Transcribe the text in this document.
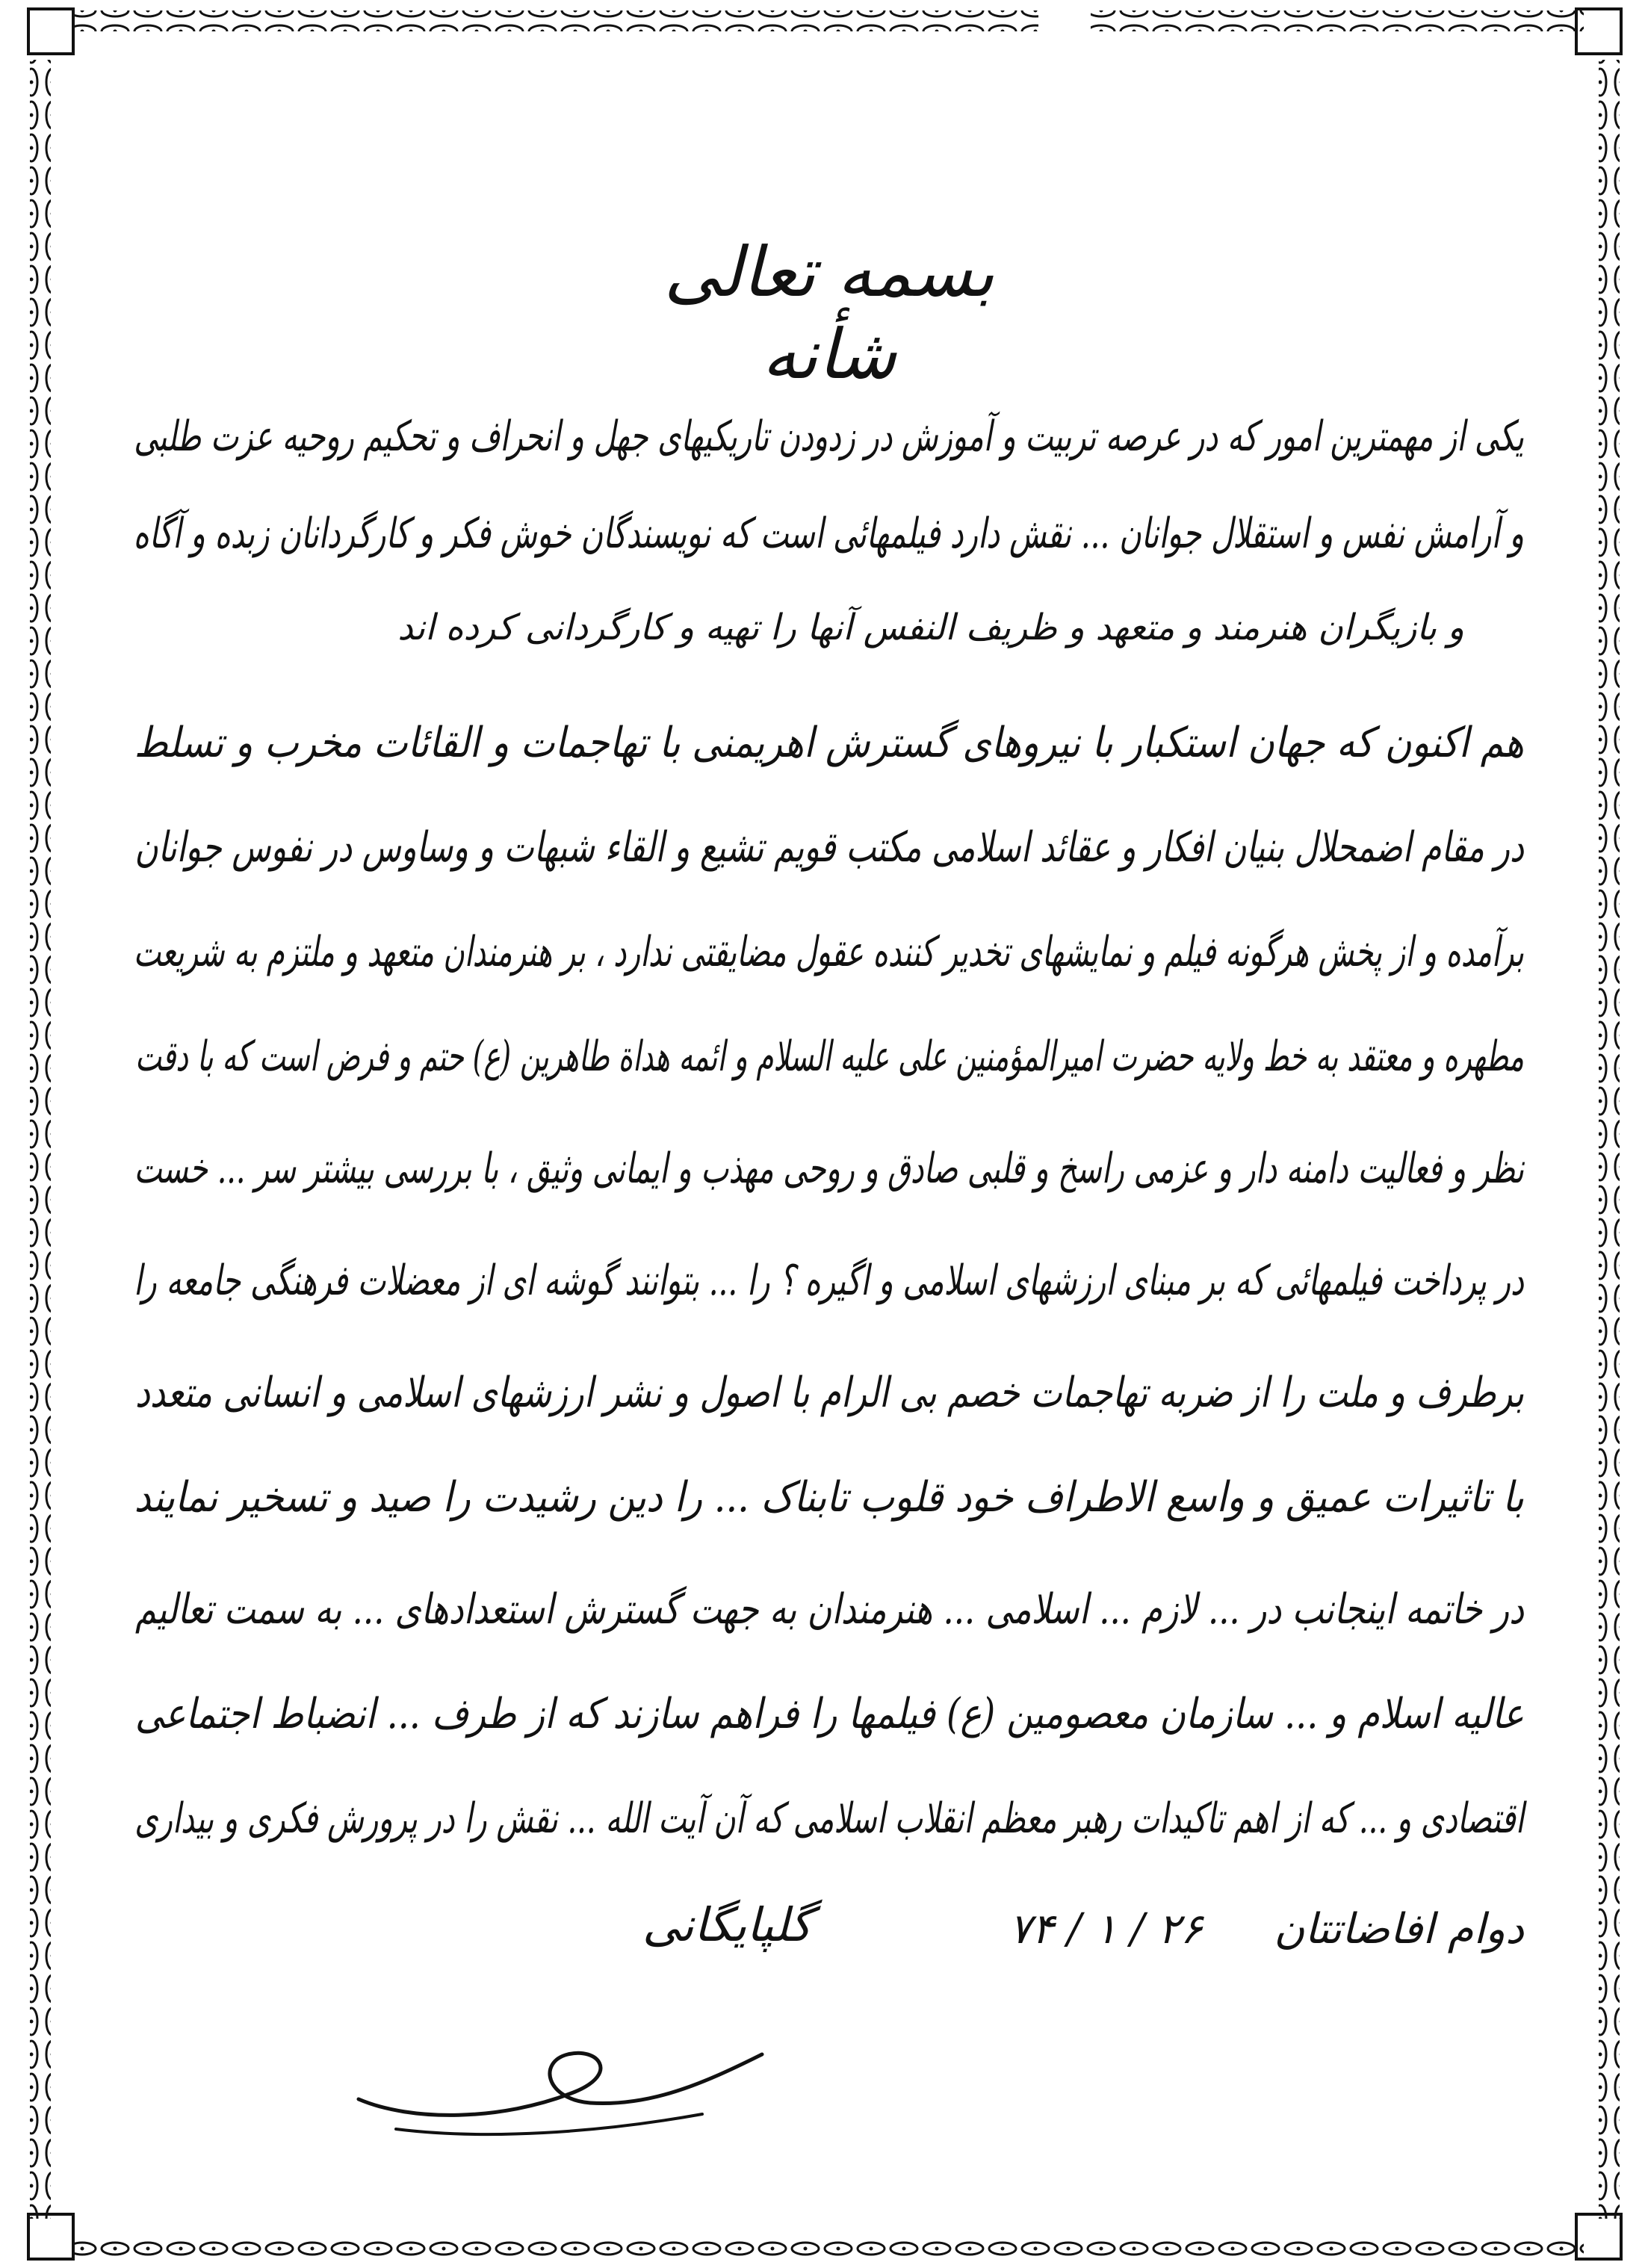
بسمه تعالی شأنه
یکی از مهمترین امور که در عرصه تربیت و آموزش در زدودن تاریکیهای جهل و انحراف و تحکیم روحیه عزت طلبی
و آرامش نفس و استقلال جوانان ... نقش دارد فیلمهائی است که نویسندگان خوش فکر و کارگردانان زبده و آگاه
و بازیگران هنرمند و متعهد و ظریف النفس آنها را تهیه و کارگردانی کرده اند
هم اکنون که جهان استکبار با نیروهای گسترش اهریمنی با تهاجمات و القائات مخرب و تسلط
در مقام اضمحلال بنیان افکار و عقائد اسلامی مکتب قویم تشیع و القاء شبهات و وساوس در نفوس جوانان
برآمده و از پخش هرگونه فیلم و نمایشهای تخدیر کننده عقول مضایقتی ندارد ، بر هنرمندان متعهد و ملتزم به شریعت
مطهره و معتقد به خط ولایه حضرت امیرالمؤمنین علی علیه السلام و ائمه هداة طاهرین (ع) حتم و فرض است که با دقت
نظر و فعالیت دامنه دار و عزمی راسخ و قلبی صادق و روحی مهذب و ایمانی وثیق ، با بررسی بیشتر سر ... خست
در پرداخت فیلمهائی که بر مبنای ارزشهای اسلامی و اگیره ؟ را ... بتوانند گوشه ای از معضلات فرهنگی جامعه را
برطرف و ملت را از ضربه تهاجمات خصم بی الرام با اصول و نشر ارزشهای اسلامی و انسانی متعدد
با تاثیرات عمیق و واسع الاطراف خود قلوب تابناک ... را دین رشیدت را صید و تسخیر نمایند
در خاتمه اینجانب در ... لازم ... اسلامی ... هنرمندان به جهت گسترش استعدادهای ... به سمت تعالیم
عالیه اسلام و ... سازمان معصومین (ع) فیلمها را فراهم سازند که از طرف ... انضباط اجتماعی
اقتصادی و ... که از اهم تاکیدات رهبر معظم انقلاب اسلامی که آن آیت الله ... نقش را در پرورش فکری و بیداری
دوام افاضاتتان
۲۶ / ۱ / ۷۴
گلپایگانی
